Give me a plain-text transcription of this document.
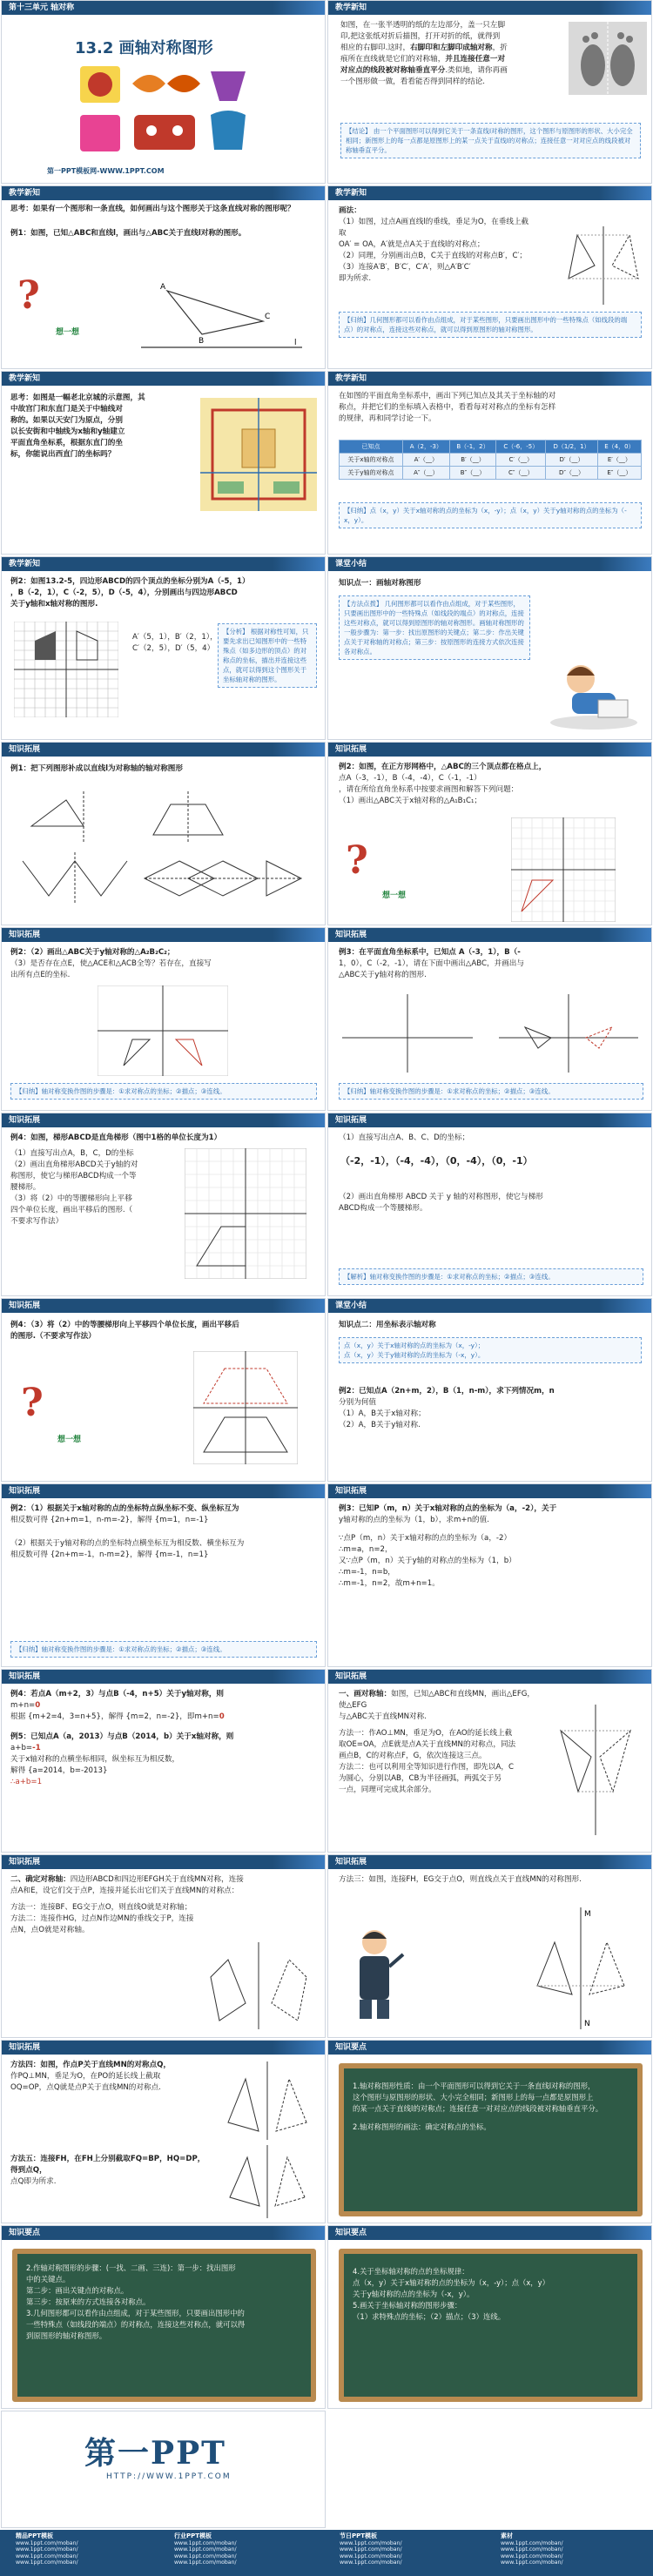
第十三单元 轴对称
13.2 画轴对称图形
第一PPT模板网-WWW.1PPT.COM
教学新知
如图，在一张半透明的纸的左边部分，盖一只左脚
印,把这张纸对折后描图，打开对折的纸，就得到
相应的右脚印.这时，右脚印和左脚印成轴对称，折
痕所在直线就是它们的对称轴，并且连接任意一对
对应点的线段被对称轴垂直平分.类似地，请你再画
一个图形做一做，看看能否得到同样的结论.
【结论】 由一个平面图形可以得到它关于一条直线l对称的图形，这个图形与原图形的形状、大小完全相同；新图形上的每一点都是原图形上的某一点关于直线l的对称点；连接任意一对对应点的线段被对称轴垂直平分。
教学新知
思考：如果有一个图形和一条直线，如何画出与这个图形关于这条直线对称的图形呢？
例1：如图，已知△ABC和直线l，画出与△ABC关于直线l对称的图形。
?
想一想
A
B
C
l
教学新知
画法：
（1）如图，过点A画直线l的垂线，垂足为O，在垂线上截取
OA′ = OA，A′就是点A关于直线l的对称点；
（2）同理，分别画出点B，C关于直线l的对称点B′，C′；
（3）连接A′B′，B′C′，C′A′，则△A′B′C′
即为所求.
【归纳】几何图形都可以看作由点组成，对于某些图形，只要画出图形中的一些特殊点（如线段的端点）的对称点，连接这些对称点，就可以得到原图形的轴对称图形。
教学新知
思考：如图是一幅老北京城的示意图，其
中故宫门和东直门是关于中轴线对
称的。如果以天安门为原点，分别
以长安街和中轴线为x轴和y轴建立
平面直角坐标系，根据东直门的坐
标，你能说出西直门的坐标吗？
教学新知
在如图的平面直角坐标系中，画出下列已知点及其关于坐标轴的对
称点，并把它们的坐标填入表格中，看看每对对称点的坐标有怎样
的规律，再和同学讨论一下。
已知点	A（2，-3）	B（-1，2）	C（-6，-5）	D（1/2，1）	E（4，0）
关于x轴的对称点	A′（__）	B′（__）	C′（__）	D′（__）	E′（__）
关于y轴的对称点	A″（__）	B″（__）	C″（__）	D″（__）	E″（__）
【归纳】点（x，y）关于x轴对称的点的坐标为（x，-y）；点（x，y）关于y轴对称的点的坐标为（-x，y）。
教学新知
例2：如图13.2-5，四边形ABCD的四个顶点的坐标分别为A（-5，1）
，B（-2，1），C（-2，5），D（-5，4），分别画出与四边形ABCD
关于y轴和x轴对称的图形.
A′（5，1），B′（2，1），
C′（2，5），D′（5，4）
【分析】 根据对称性可知，只要先求出已知图形中的一些特殊点（如多边形的顶点）的对称点的坐标，描出并连接这些点，就可以得到这个图形关于坐标轴对称的图形。
课堂小结
知识点一：画轴对称图形
【方法点拨】 几何图形都可以看作由点组成，对于某些图形，只要画出图形中的一些特殊点（如线段的端点）的对称点，连接这些对称点，就可以得到原图形的轴对称图形。画轴对称图形的一般步骤为：第一步：找出原图形的关键点；第二步：作出关键点关于对称轴的对称点；第三步：按原图形的连接方式依次连接各对称点。
知识拓展
例1：把下列图形补成以直线l为对称轴的轴对称图形
知识拓展
例2：如图，在正方形网格中，△ABC的三个顶点都在格点上，
点A（-3，-1），B（-4，-4），C（-1，-1）
，请在所给直角坐标系中按要求画图和解答下列问题：
（1）画出△ABC关于x轴对称的△A₁B₁C₁；
?
想一想
知识拓展
例2：（2）画出△ABC关于y轴对称的△A₂B₂C₂；
（3）是否存在点E，使△ACE和△ACB全等？若存在，直接写
出所有点E的坐标.
【归纳】轴对称变换作图的步骤是：①求对称点的坐标；②描点；③连线。
知识拓展
例3：在平面直角坐标系中，已知点 A（-3，1），B（-
1，0），C（-2，-1），请在下面中画出△ABC，并画出与
△ABC关于y轴对称的图形.
【归纳】轴对称变换作图的步骤是：①求对称点的坐标；②描点；③连线。
知识拓展
例4：如图，梯形ABCD是直角梯形（图中1格的单位长度为1）
（1）直接写出点A，B，C，D的坐标
（2）画出直角梯形ABCD关于y轴的对
称图形，使它与梯形ABCD构成一个等
腰梯形。
（3）将（2）中的等腰梯形向上平移
四个单位长度，画出平移后的图形.（
不要求写作法）
知识拓展
（1）直接写出点A、B、C、D的坐标；
（-2，-1），（-4，-4），（0，-4），（0，-1）
（2）画出直角梯形 ABCD 关于 y 轴的对称图形，使它与梯形
ABCD构成一个等腰梯形。
【解析】轴对称变换作图的步骤是：①求对称点的坐标；②描点；③连线。
知识拓展
例4：（3）将（2）中的等腰梯形向上平移四个单位长度，画出平移后
的图形.（不要求写作法）
?
想一想
课堂小结
知识点二：用坐标表示轴对称
点（x，y）关于x轴对称的点的坐标为（x，-y）；
点（x，y）关于y轴对称的点的坐标为（-x，y）。
例2：已知点A（2n+m，2），B（1，n-m），求下列情况m，n
分别为何值
（1）A，B关于x轴对称；
（2）A，B关于y轴对称.
知识拓展
例2：（1）根据关于x轴对称的点的坐标特点纵坐标不变、纵坐标互为
相反数可得 {2n+m=1，n-m=-2}，解得 {m=1，n=-1}
（2）根据关于y轴对称的点的坐标特点横坐标互为相反数、横坐标互为
相反数可得 {2n+m=-1，n-m=2}，解得 {m=-1，n=1}
【归纳】轴对称变换作图的步骤是：①求对称点的坐标；②描点；③连线。
知识拓展
例3：已知P（m，n）关于x轴对称的点的坐标为（a，-2），关于
y轴对称的点的坐标为（1，b），求m+n的值.
∵点P（m，n）关于x轴对称的点的坐标为（a，-2）
∴m=a，n=2，
又∵点P（m，n）关于y轴的对称点的坐标为（1，b）
∴m=-1，n=b，
∴m=-1，n=2，故m+n=1。
知识拓展
例4：若点A（m+2，3）与点B（-4，n+5）关于y轴对称，则
m+n=0
根据 {m+2=4，3=n+5}，解得 {m=2，n=-2}，即m+n=0
例5：已知点A（a，2013）与点B（2014，b）关于x轴对称，则
a+b=-1
关于x轴对称的点横坐标相同，纵坐标互为相反数，
解得 {a=2014，b=-2013}
∴a+b=1
知识拓展
一、画对称轴：如图，已知△ABC和直线MN，画出△EFG，使△EFG
与△ABC关于直线MN对称.
方法一：作AO⊥MN，垂足为O，在AO的延长线上截
取OE=OA，点E就是点A关于直线MN的对称点，同法
画点B，C的对称点F，G，依次连接这三点。
方法二：也可以利用全等知识进行作图，即先以A，C
为圆心，分别以AB，CB为半径画弧，两弧交于另
一点，同理可完成其余部分。
知识拓展
二、确定对称轴：四边形ABCD和四边形EFGH关于直线MN对称，连接
点A和E，设它们交于点P，连接并延长出它们关于直线MN的对称点：
方法一：连接BF、EG交于点O，则直线O就是对称轴；
方法二：连接作HG，过点N作边MN的垂线交于P，连接
点N，点O就是对称轴。
知识拓展
方法三：如图，连接FH，EG交于点O，则直线点关于直线MN的对称图形.
M
N
知识拓展
方法四：如图，作点P关于直线MN的对称点Q，
作PQ⊥MN，垂足为O，在PO的延长线上截取
OQ=OP，点Q就是点P关于直线MN的对称点.
方法五：连接FH，在FH上分别截取FQ=BP，HQ=DP，得到点Q，
点Q即为所求.
知识要点
1.轴对称图形性质：由一个平面图形可以得到它关于一条直线l对称的图形，
这个图形与原图形的形状、大小完全相同；新图形上的每一点都是原图形上
的某一点关于直线l的对称点；连接任意一对对应点的线段被对称轴垂直平分。
2.轴对称图形的画法：确定对称点的坐标。
知识要点
2.作轴对称图形的步骤：(一找、二画、三连)：第一步：找出图形
中的关键点。
第二步：画出关键点的对称点。
第三步：按原来的方式连接各对称点。
3.几何图形都可以看作由点组成，对于某些图形，只要画出图形中的
一些特殊点（如线段的端点）的对称点，连接这些对称点，就可以得
到原图形的轴对称图形。
知识要点
4.关于坐标轴对称的点的坐标规律：
点（x，y）关于x轴对称的点的坐标为（x，-y）；点（x，y）
关于y轴对称的点的坐标为（-x，y）。
5.画关于坐标轴对称的图形步骤：
（1）求特殊点的坐标；（2）描点；（3）连线。
第一PPT
HTTP://WWW.1PPT.COM
精品PPT模板
www.1ppt.com/moban/
www.1ppt.com/moban/
www.1ppt.com/moban/
www.1ppt.com/moban/
行业PPT模板
www.1ppt.com/moban/
www.1ppt.com/moban/
www.1ppt.com/moban/
www.1ppt.com/moban/
节日PPT模板
www.1ppt.com/moban/
www.1ppt.com/moban/
www.1ppt.com/moban/
www.1ppt.com/moban/
素材
www.1ppt.com/moban/
www.1ppt.com/moban/
www.1ppt.com/moban/
www.1ppt.com/moban/
